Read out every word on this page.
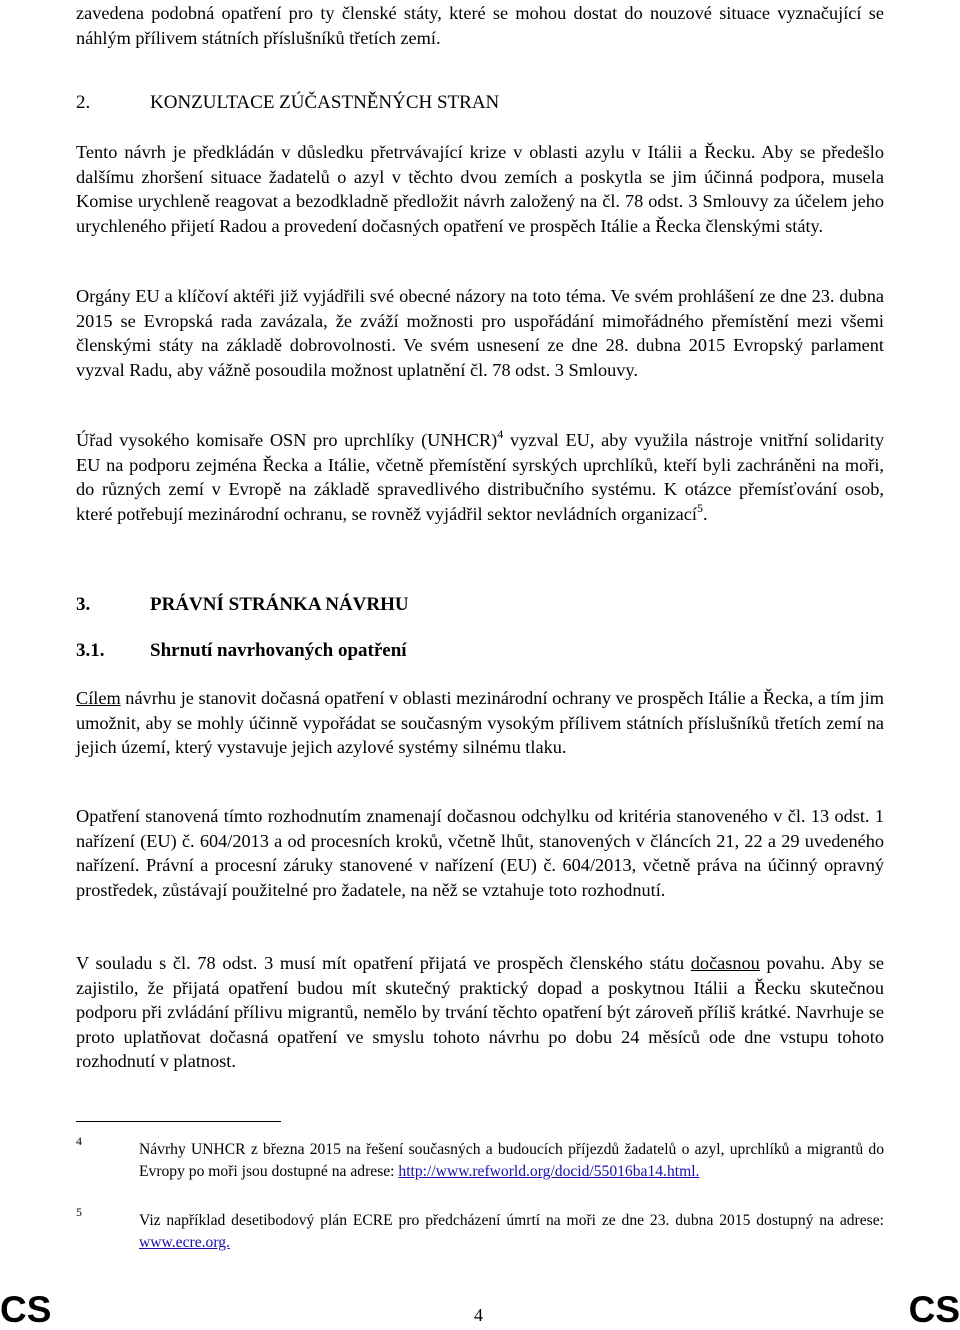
zavedena podobná opatření pro ty členské státy, které se mohou dostat do nouzové situace vyznačující se náhlým přílivem státních příslušníků třetích zemí.
2.	KONZULTACE ZÚČASTNĚNÝCH STRAN
Tento návrh je předkládán v důsledku přetrvávající krize v oblasti azylu v Itálii a Řecku. Aby se předešlo dalšímu zhoršení situace žadatelů o azyl v těchto dvou zemích a poskytla se jim účinná podpora, musela Komise urychleně reagovat a bezodkladně předložit návrh založený na čl. 78 odst. 3 Smlouvy za účelem jeho urychleného přijetí Radou a provedení dočasných opatření ve prospěch Itálie a Řecka členskými státy.
Orgány EU a klíčoví aktéři již vyjádřili své obecné názory na toto téma. Ve svém prohlášení ze dne 23. dubna 2015 se Evropská rada zavázala, že zváží možnosti pro uspořádání mimořádného přemístění mezi všemi členskými státy na základě dobrovolnosti. Ve svém usnesení ze dne 28. dubna 2015 Evropský parlament vyzval Radu, aby vážně posoudila možnost uplatnění čl. 78 odst. 3 Smlouvy.
Úřad vysokého komisaře OSN pro uprchlíky (UNHCR)$^4$ vyzval EU, aby využila nástroje vnitřní solidarity EU na podporu zejména Řecka a Itálie, včetně přemístění syrských uprchlíků, kteří byli zachráněni na moři, do různých zemí v Evropě na základě spravedlivého distribučního systému. K otázce přemísťování osob, které potřebují mezinárodní ochranu, se rovněž vyjádřil sektor nevládních organizací$^5$.
3.	PRÁVNÍ STRÁNKA NÁVRHU
3.1. Shrnutí navrhovaných opatření
Cílem návrhu je stanovit dočasná opatření v oblasti mezinárodní ochrany ve prospěch Itálie a Řecka, a tím jim umožnit, aby se mohly účinně vypořádat se současným vysokým přílivem státních příslušníků třetích zemí na jejich území, který vystavuje jejich azylové systémy silnému tlaku.
Opatření stanovená tímto rozhodnutím znamenají dočasnou odchylku od kritéria stanoveného v čl. 13 odst. 1 nařízení (EU) č. 604/2013 a od procesních kroků, včetně lhůt, stanovených v článcích 21, 22 a 29 uvedeného nařízení. Právní a procesní záruky stanovené v nařízení (EU) č. 604/2013, včetně práva na účinný opravný prostředek, zůstávají použitelné pro žadatele, na něž se vztahuje toto rozhodnutí.
V souladu s čl. 78 odst. 3 musí mít opatření přijatá ve prospěch členského státu dočasnou povahu. Aby se zajistilo, že přijatá opatření budou mít skutečný praktický dopad a poskytnou Itálii a Řecku skutečnou podporu při zvládání přílivu migrantů, nemělo by trvání těchto opatření být zároveň příliš krátké. Navrhuje se proto uplatňovat dočasná opatření ve smyslu tohoto návrhu po dobu 24 měsíců ode dne vstupu tohoto rozhodnutí v platnost.
4	Návrhy UNHCR z března 2015 na řešení současných a budoucích příjezdů žadatelů o azyl, uprchlíků a migrantů do Evropy po moři jsou dostupné na adrese: http://www.refworld.org/docid/55016ba14.html.
5	Viz například desetibodový plán ECRE pro předcházení úmrtí na moři ze dne 23. dubna 2015 dostupný na adrese: www.ecre.org.
CS	4	CS
